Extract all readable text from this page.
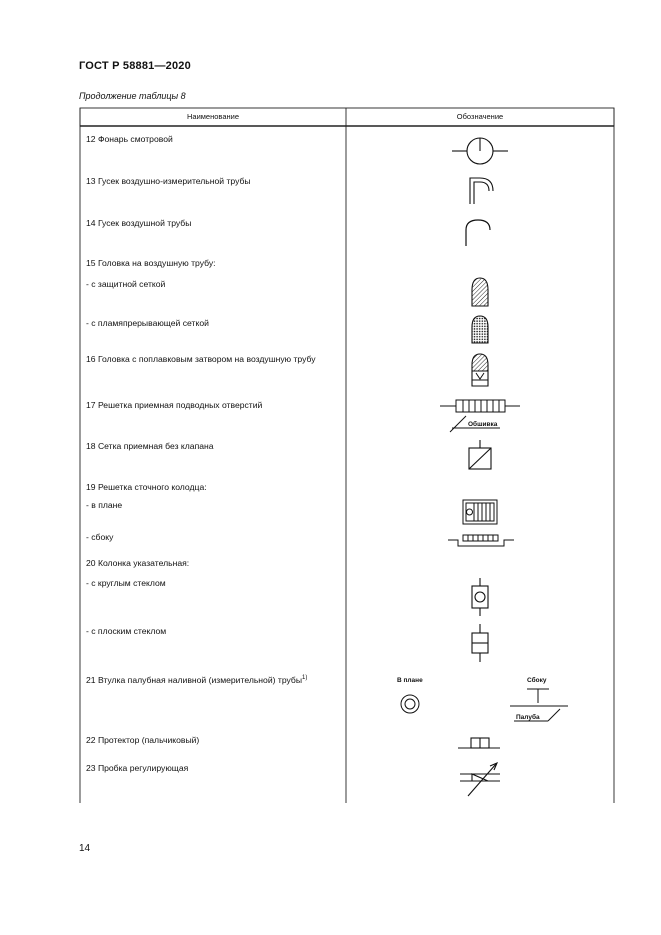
ГОСТ Р 58881—2020
Продолжение таблицы 8
Наименование	Обозначение
12 Фонарь смотровой
13 Гусек воздушно-измерительной трубы
14 Гусек воздушной трубы
15 Головка на воздушную трубу:
- с защитной сеткой
- с пламяпрерывающей сеткой
16 Головка с поплавковым затвором на воздушную трубу
17 Решетка приемная подводных отверстий
18 Сетка приемная без клапана
19 Решетка сточного колодца:
- в плане
- сбоку
20 Колонка указательная:
- с круглым стеклом
- с плоским стеклом
21 Втулка палубная наливной (измерительной) трубы$^{1)}$
22 Протектор (пальчиковый)
23 Пробка регулирующая
Обшивка
В плане	Сбоку
Палуба
14
